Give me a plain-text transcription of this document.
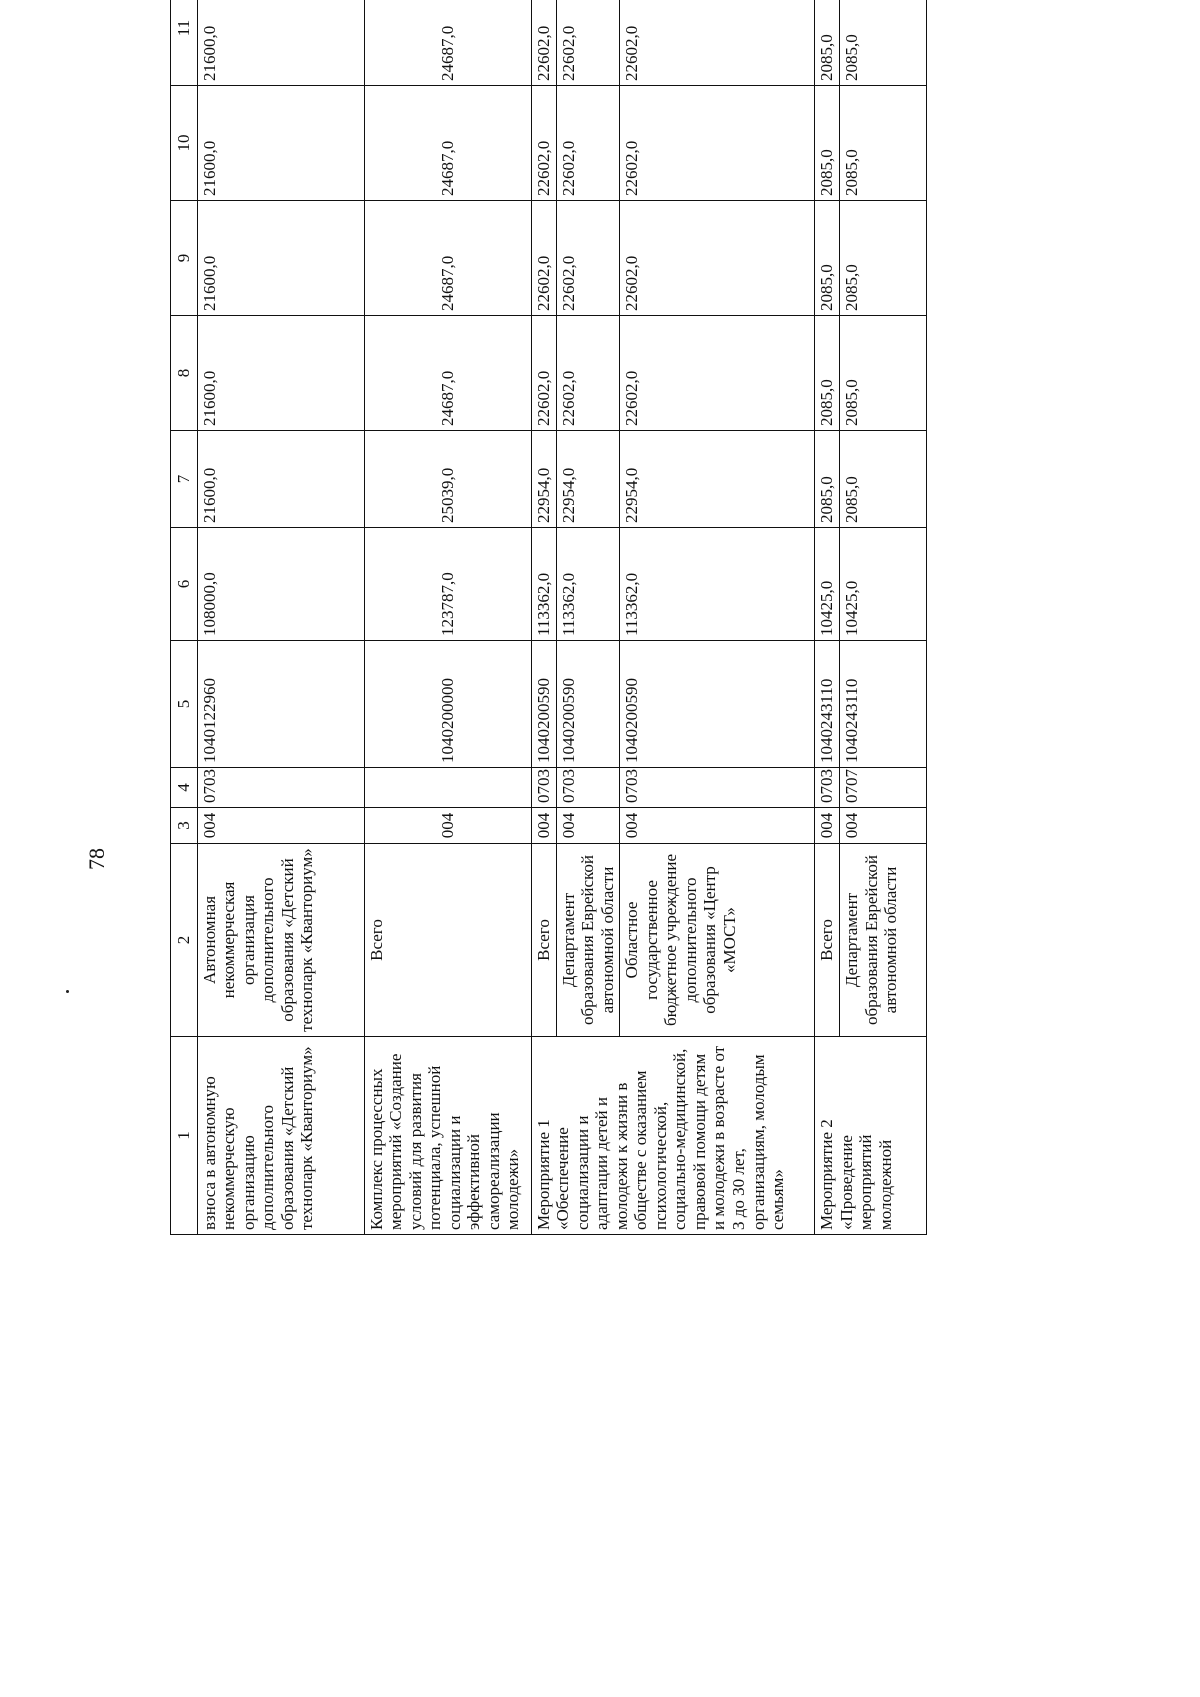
78
1	2	3	4	5	6	7	8	9	10	11
взноса в автономную некоммерческую организацию дополнительного образования «Детский технопарк «Кванториум»	Автономная некоммерческая организация дополнительного образования «Детский технопарк «Кванториум»	004	0703	1040122960	108000,0	21600,0	21600,0	21600,0	21600,0	21600,0
Комплекс процессных мероприятий «Создание условий для развития потенциала, успешной социализации и эффективной самореализации молодежи»	Всего	004		1040200000	123787,0	25039,0	24687,0	24687,0	24687,0	24687,0
Мероприятие 1 «Обеспечение социализации и адаптации детей и молодежи к жизни в обществе с оказанием психологической, социально-медицинской, правовой помощи детям и молодежи в возрасте от 3 до 30 лет, организациям, молодым семьям»	Всего	004	0703	1040200590	113362,0	22954,0	22602,0	22602,0	22602,0	22602,0
	Департамент образования Еврейской автономной области	004	0703	1040200590	113362,0	22954,0	22602,0	22602,0	22602,0	22602,0
	Областное государственное бюджетное учреждение дополнительного образования «Центр «МОСТ»	004	0703	1040200590	113362,0	22954,0	22602,0	22602,0	22602,0	22602,0
Мероприятие 2 «Проведение мероприятий молодежной	Всего	004	0703	1040243110	10425,0	2085,0	2085,0	2085,0	2085,0	2085,0
	Департамент образования Еврейской автономной области	004	0707	1040243110	10425,0	2085,0	2085,0	2085,0	2085,0	2085,0
